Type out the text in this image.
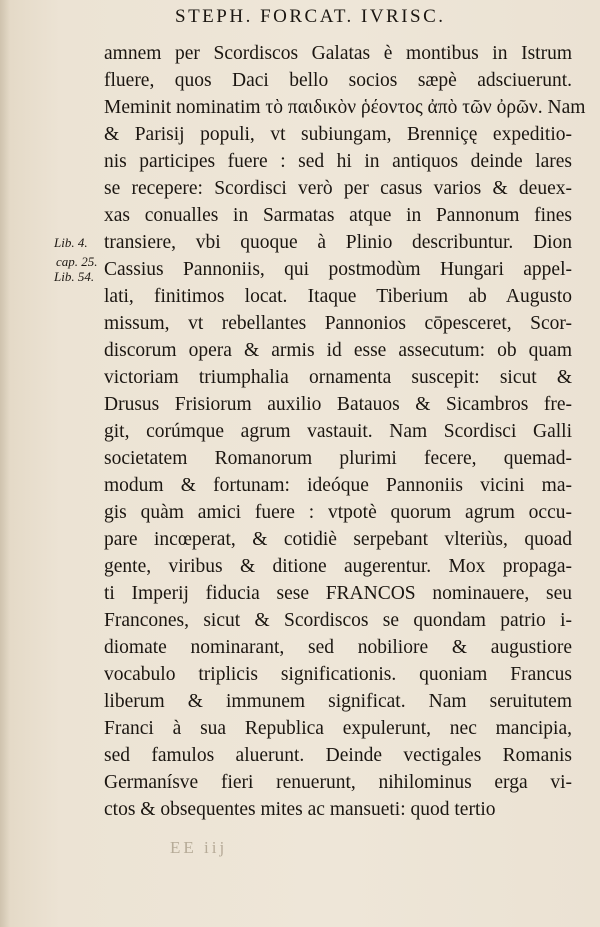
STEPH. FORCAT. IVRISC.
Lib. 4.
cap. 25.
Lib. 54.
amnem per Scordiscos Galatas è montibus in Istrum
fluere, quos Daci bello socios sæpè adsciuerunt.
Meminit nominatim τὸ παιδικὸν ῥέοντος ἀπὸ τῶν ὀρῶν. Nam
& Parisij populi, vt subiungam, Brenniçę expeditio-
nis participes fuere : sed hi in antiquos deinde lares
se recepere: Scordisci verò per casus varios & deuex-
xas conualles in Sarmatas atque in Pannonum fines
transiere, vbi quoque à Plinio describuntur. Dion
Cassius Pannoniis, qui postmodùm Hungari appel-
lati, finitimos locat. Itaque Tiberium ab Augusto
missum, vt rebellantes Pannonios cōpesceret, Scor-
discorum opera & armis id esse assecutum: ob quam
victoriam triumphalia ornamenta suscepit: sicut &
Drusus Frisiorum auxilio Batauos & Sicambros fre-
git, corúmque agrum vastauit. Nam Scordisci Galli
societatem Romanorum plurimi fecere, quemad-
modum & fortunam: ideóque Pannoniis vicini ma-
gis quàm amici fuere : vtpotè quorum agrum occu-
pare incœperat, & cotidiè serpebant vlteriùs, quoad
gente, viribus & ditione augerentur. Mox propaga-
ti Imperij fiducia sese FRANCOS nominauere, seu
Francones, sicut & Scordiscos se quondam patrio i-
diomate nominarant, sed nobiliore & augustiore
vocabulo triplicis significationis. quoniam Francus
liberum & immunem significat. Nam seruitutem
Franci à sua Republica expulerunt, nec mancipia,
sed famulos aluerunt. Deinde vectigales Romanis
Germanísve fieri renuerunt, nihilominus erga vi-
ctos & obsequentes mites ac mansueti: quod tertio
EE iij
